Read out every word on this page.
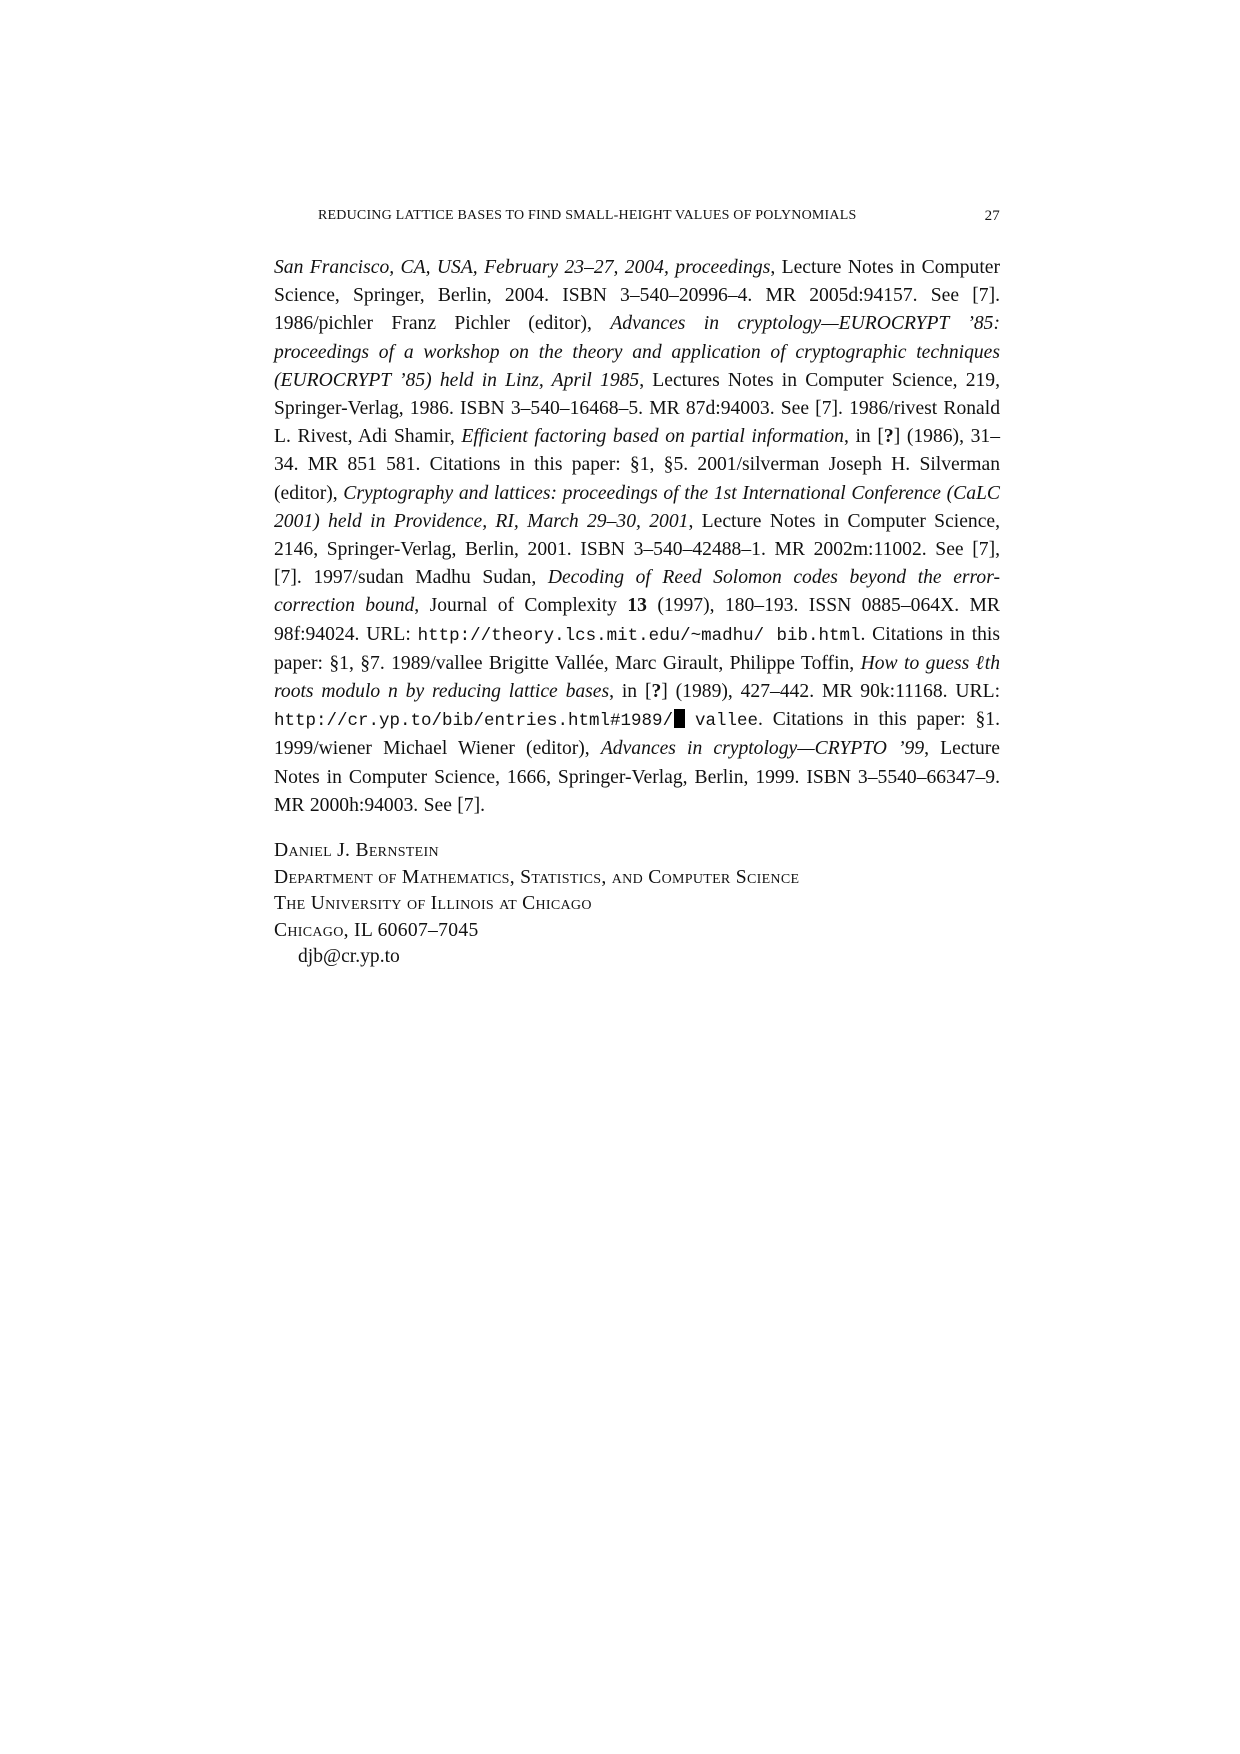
REDUCING LATTICE BASES TO FIND SMALL-HEIGHT VALUES OF POLYNOMIALS	27

San Francisco, CA, USA, February 23–27, 2004, proceedings, Lecture Notes in Computer Science, Springer, Berlin, 2004. ISBN 3–540–20996–4. MR 2005d:94157. See [7]. 1986/pichler Franz Pichler (editor), Advances in cryptology—EUROCRYPT ’85: proceedings of a workshop on the theory and application of cryptographic techniques (EUROCRYPT ’85) held in Linz, April 1985, Lectures Notes in Computer Science, 219, Springer-Verlag, 1986. ISBN 3–540–16468–5. MR 87d:94003. See [7]. 1986/rivest Ronald L. Rivest, Adi Shamir, Efficient factoring based on partial information, in [?] (1986), 31–34. MR 851 581. Citations in this paper: §1, §5. 2001/silverman Joseph H. Silverman (editor), Cryptography and lattices: proceedings of the 1st International Conference (CaLC 2001) held in Providence, RI, March 29–30, 2001, Lecture Notes in Computer Science, 2146, Springer-Verlag, Berlin, 2001. ISBN 3–540–42488–1. MR 2002m:11002. See [7], [7]. 1997/sudan Madhu Sudan, Decoding of Reed Solomon codes beyond the error-correction bound, Journal of Complexity 13 (1997), 180–193. ISSN 0885–064X. MR 98f:94024. URL: http://theory.lcs.mit.edu/~madhu/ bib.html. Citations in this paper: §1, §7. 1989/vallee Brigitte Vallée, Marc Girault, Philippe Toffin, How to guess ℓth roots modulo n by reducing lattice bases, in [?] (1989), 427–442. MR 90k:11168. URL: http://cr.yp.to/bib/entries.html#1989/ vallee. Citations in this paper: §1. 1999/wiener Michael Wiener (editor), Advances in cryptology—CRYPTO ’99, Lecture Notes in Computer Science, 1666, Springer-Verlag, Berlin, 1999. ISBN 3–5540–66347–9. MR 2000h:94003. See [7].

Daniel J. Bernstein
Department of Mathematics, Statistics, and Computer Science
The University of Illinois at Chicago
Chicago, IL 60607–7045
djb@cr.yp.to
